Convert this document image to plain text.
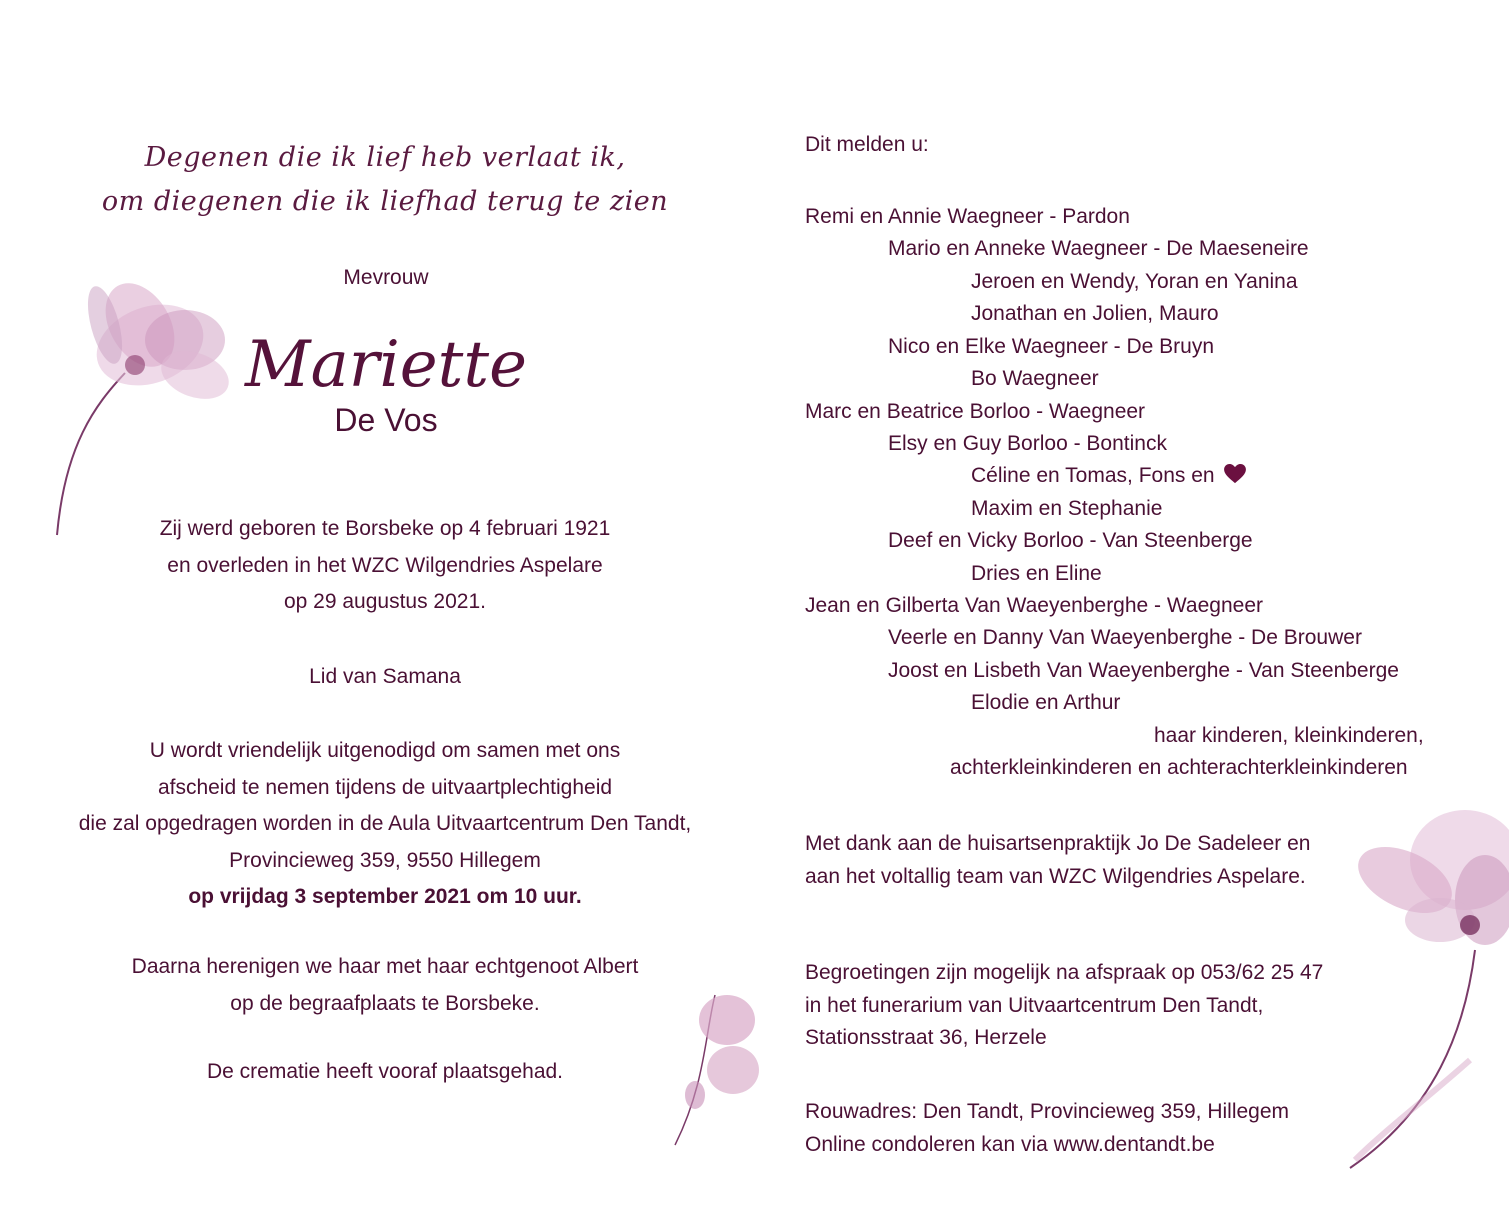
Degenen die ik lief heb verlaat ik,
om diegenen die ik liefhad terug te zien
Mevrouw
Mariette
De Vos
Zij werd geboren te Borsbeke op 4 februari 1921
en overleden in het WZC Wilgendries Aspelare
op 29 augustus 2021.
Lid van Samana
U wordt vriendelijk uitgenodigd om samen met ons
afscheid te nemen tijdens de uitvaartplechtigheid
die zal opgedragen worden in de Aula Uitvaartcentrum Den Tandt,
Provincieweg 359, 9550 Hillegem
op vrijdag 3 september 2021 om 10 uur.
Daarna herenigen we haar met haar echtgenoot Albert
op de begraafplaats te Borsbeke.
De crematie heeft vooraf plaatsgehad.
Dit melden u:
Remi en Annie Waegneer - Pardon
Mario en Anneke Waegneer - De Maeseneire
Jeroen en Wendy, Yoran en Yanina
Jonathan en Jolien, Mauro
Nico en Elke Waegneer - De Bruyn
Bo Waegneer
Marc en Beatrice Borloo - Waegneer
Elsy en Guy Borloo - Bontinck
Céline en Tomas, Fons en
Maxim en Stephanie
Deef en Vicky Borloo - Van Steenberge
Dries en Eline
Jean en Gilberta Van Waeyenberghe - Waegneer
Veerle en Danny Van Waeyenberghe - De Brouwer
Joost en Lisbeth Van Waeyenberghe - Van Steenberge
Elodie en Arthur
haar kinderen, kleinkinderen,
achterkleinkinderen en achterachterkleinkinderen
Met dank aan de huisartsenpraktijk Jo De Sadeleer en
aan het voltallig team van WZC Wilgendries Aspelare.
Begroetingen zijn mogelijk na afspraak op 053/62 25 47
in het funerarium van Uitvaartcentrum Den Tandt,
Stationsstraat 36, Herzele
Rouwadres: Den Tandt, Provincieweg 359, Hillegem
Online condoleren kan via www.dentandt.be
